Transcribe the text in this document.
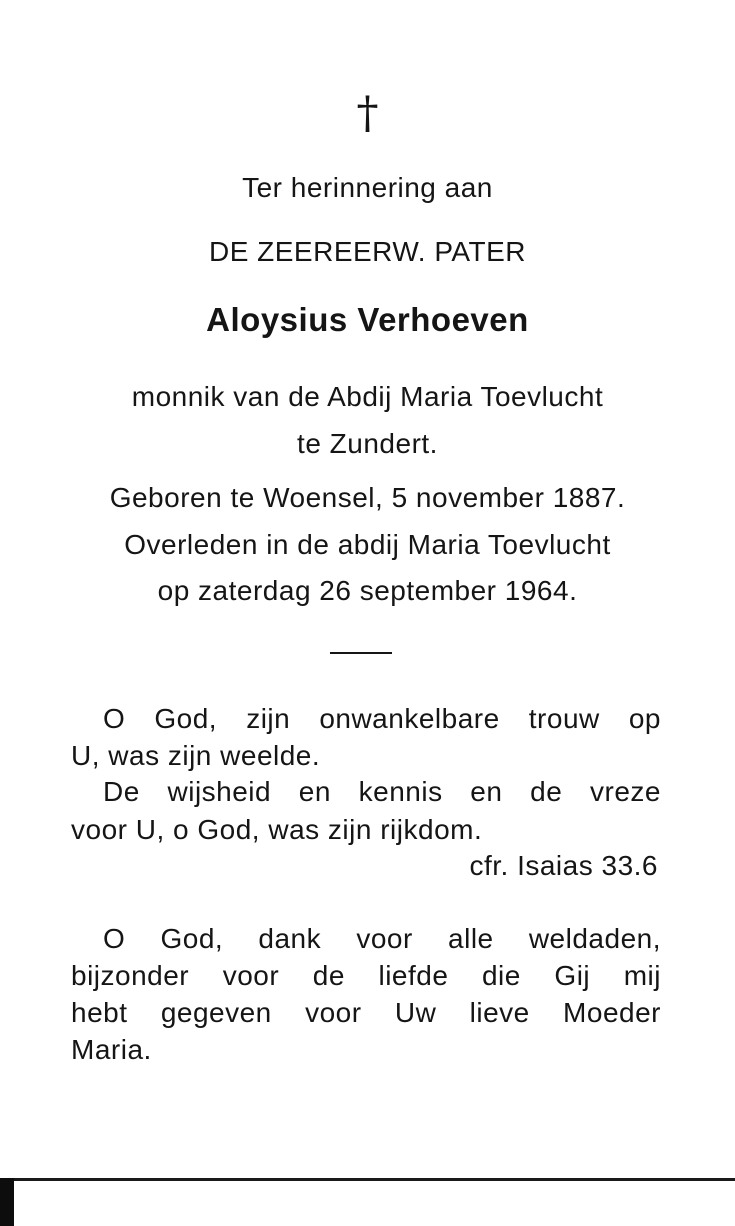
†
Ter herinnering aan
DE ZEEREERW. PATER
Aloysius Verhoeven
monnik van de Abdij Maria Toevlucht
te Zundert.
Geboren te Woensel, 5 november 1887.
Overleden in de abdij Maria Toevlucht
op zaterdag 26 september 1964.
O God, zijn onwankelbare trouw op
U, was zijn weelde.
De wijsheid en kennis en de vreze
voor U, o God, was zijn rijkdom.
cfr. Isaias 33.6
O God, dank voor alle weldaden,
bijzonder voor de liefde die Gij mij
hebt gegeven voor Uw lieve Moeder
Maria.
